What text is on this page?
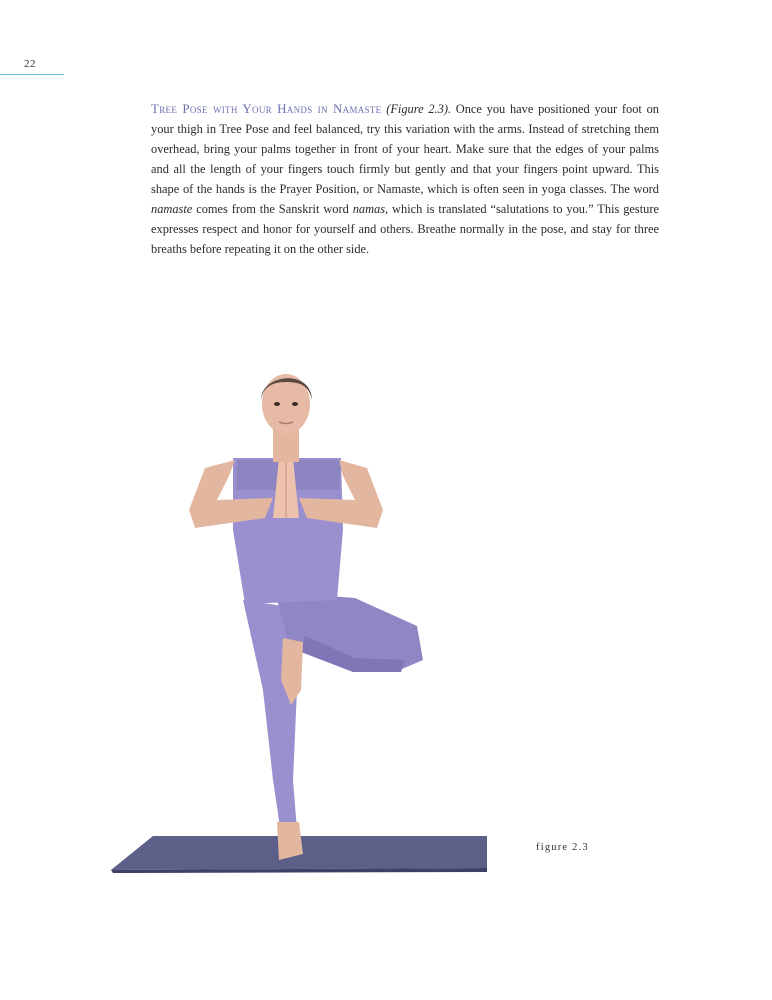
22

Tree Pose with Your Hands in Namaste (Figure 2.3). Once you have positioned your foot on your thigh in Tree Pose and feel balanced, try this variation with the arms. Instead of stretching them overhead, bring your palms together in front of your heart. Make sure that the edges of your palms and all the length of your fingers touch firmly but gently and that your fingers point upward. This shape of the hands is the Prayer Position, or Namaste, which is often seen in yoga classes. The word namaste comes from the Sanskrit word namas, which is translated “salutations to you.” This gesture expresses respect and honor for yourself and others. Breathe normally in the pose, and stay for three breaths before repeating it on the other side.

figure 2.3
